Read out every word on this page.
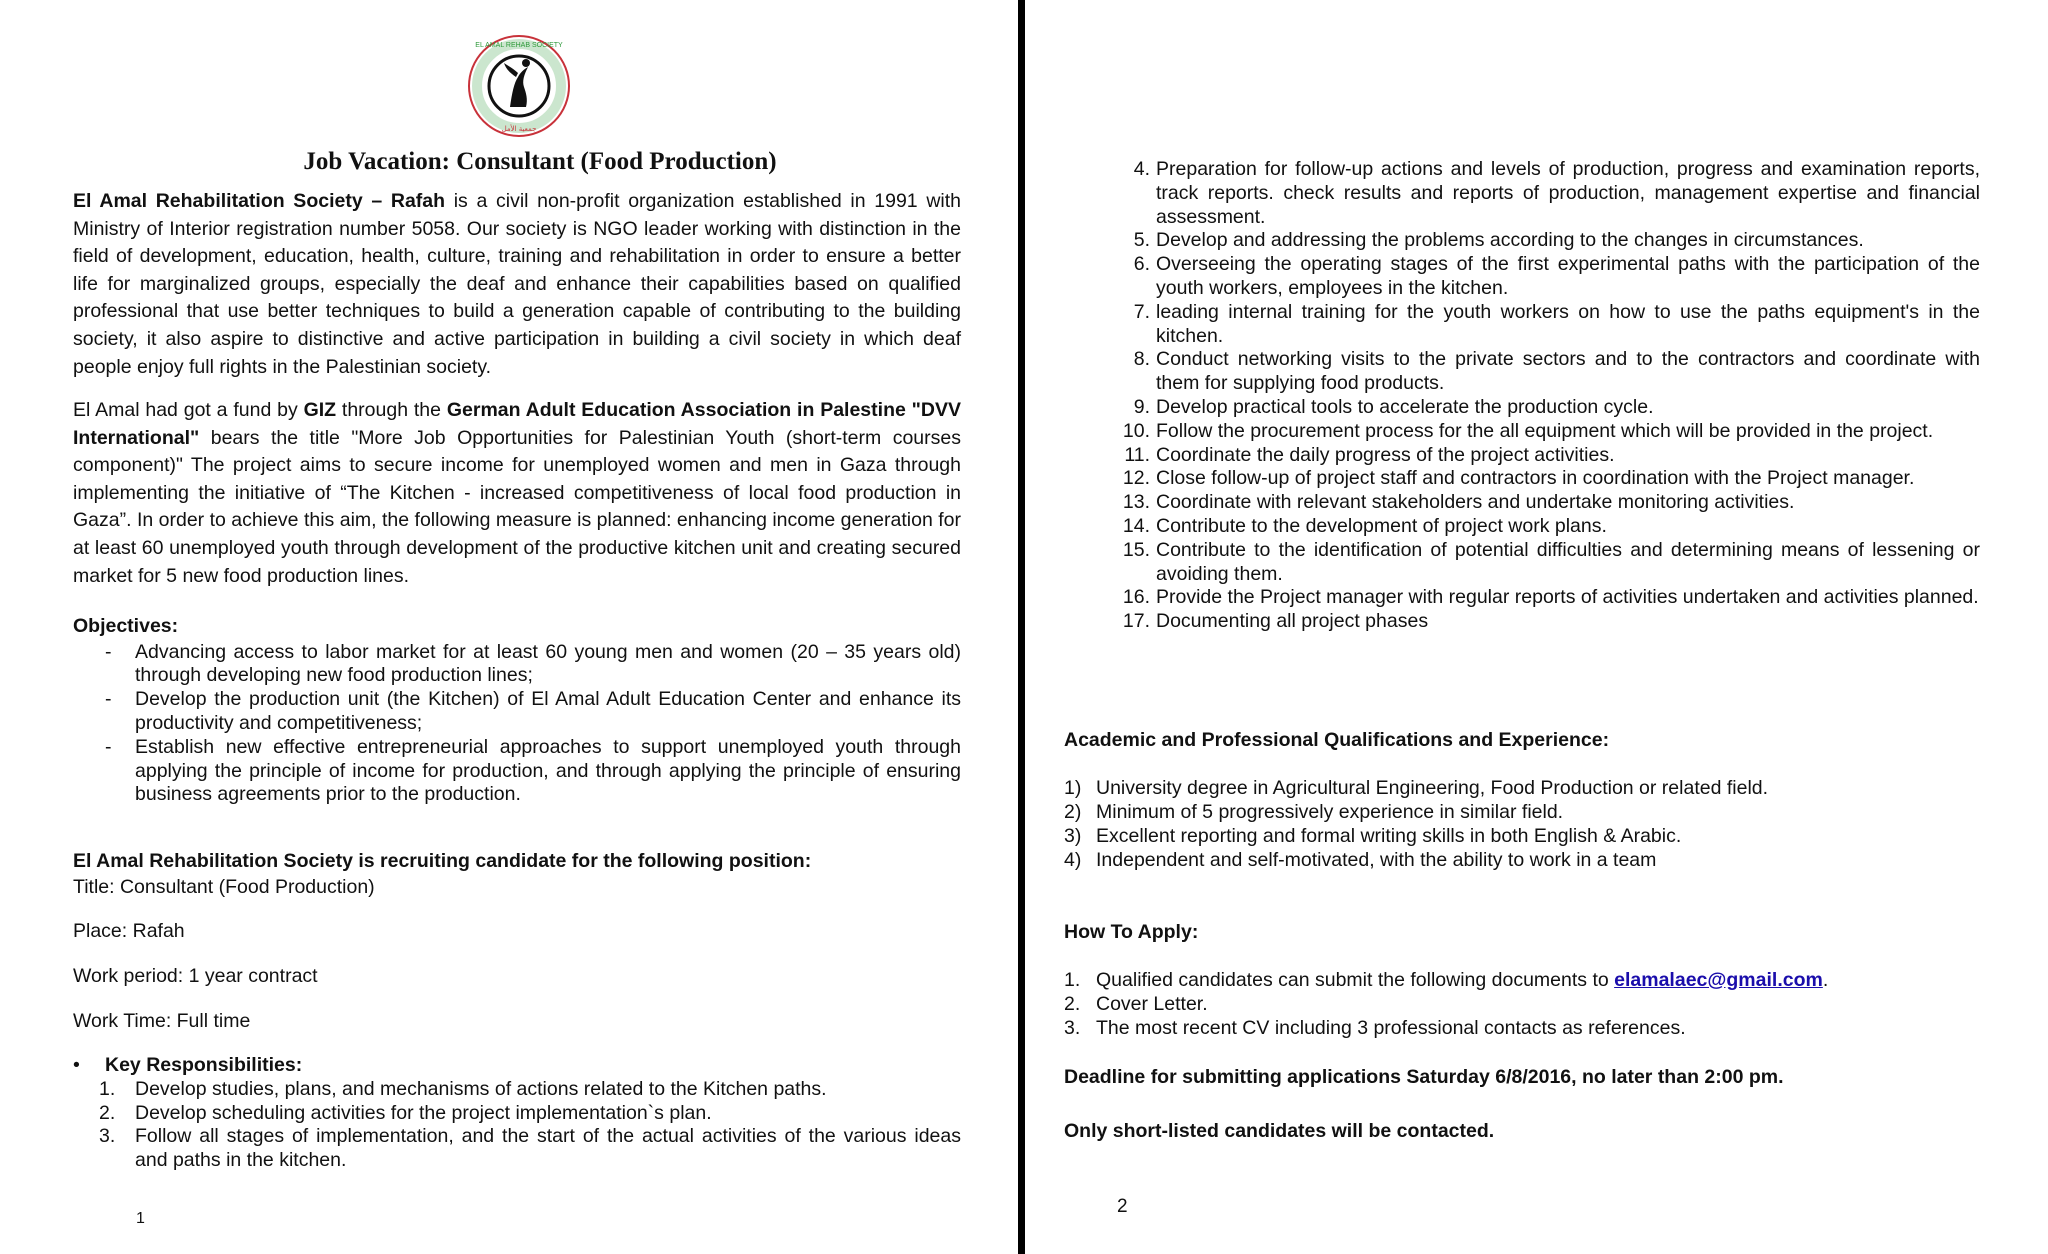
EL AMAL REHAB SOCIETY
جمعية الأمل
Job Vacation: Consultant (Food Production)

El Amal Rehabilitation Society – Rafah is a civil non-profit organization established in 1991 with Ministry of Interior registration number 5058. Our society is NGO leader working with distinction in the field of development, education, health, culture, training and rehabilitation in order to ensure a better life for marginalized groups, especially the deaf and enhance their capabilities based on qualified professional that use better techniques to build a generation capable of contributing to the building society, it also aspire to distinctive and active participation in building a civil society in which deaf people enjoy full rights in the Palestinian society.

El Amal had got a fund by GIZ through the German Adult Education Association in Palestine "DVV International" bears the title "More Job Opportunities for Palestinian Youth (short-term courses component)" The project aims to secure income for unemployed women and men in Gaza through implementing the initiative of “The Kitchen - increased competitiveness of local food production in Gaza”. In order to achieve this aim, the following measure is planned: enhancing income generation for at least 60 unemployed youth through development of the productive kitchen unit and creating secured market for 5 new food production lines.

Objectives:
- Advancing access to labor market for at least 60 young men and women (20 – 35 years old) through developing new food production lines;
- Develop the production unit (the Kitchen) of El Amal Adult Education Center and enhance its productivity and competitiveness;
- Establish new effective entrepreneurial approaches to support unemployed youth through applying the principle of income for production, and through applying the principle of ensuring business agreements prior to the production.
El Amal Rehabilitation Society is recruiting candidate for the following position:
Title: Consultant (Food Production)
Place: Rafah
Work period: 1 year contract
Work Time: Full time
• Key Responsibilities:
1. Develop studies, plans, and mechanisms of actions related to the Kitchen paths.
2. Develop scheduling activities for the project implementation`s plan.
3. Follow all stages of implementation, and the start of the actual activities of the various ideas and paths in the kitchen.
1
4. Preparation for follow-up actions and levels of production, progress and examination reports, track reports. check results and reports of production, management expertise and financial assessment.
5. Develop and addressing the problems according to the changes in circumstances.
6. Overseeing the operating stages of the first experimental paths with the participation of the youth workers, employees in the kitchen.
7. leading internal training for the youth workers on how to use the paths equipment's in the kitchen.
8. Conduct networking visits to the private sectors and to the contractors and coordinate with them for supplying food products.
9. Develop practical tools to accelerate the production cycle.
10. Follow the procurement process for the all equipment which will be provided in the project.
11. Coordinate the daily progress of the project activities.
12. Close follow-up of project staff and contractors in coordination with the Project manager.
13. Coordinate with relevant stakeholders and undertake monitoring activities.
14. Contribute to the development of project work plans.
15. Contribute to the identification of potential difficulties and determining means of lessening or avoiding them.
16. Provide the Project manager with regular reports of activities undertaken and activities planned.
17. Documenting all project phases
Academic and Professional Qualifications and Experience:
1) University degree in Agricultural Engineering, Food Production or related field.
2) Minimum of 5 progressively experience in similar field.
3) Excellent reporting and formal writing skills in both English & Arabic.
4) Independent and self-motivated, with the ability to work in a team
How To Apply:
1. Qualified candidates can submit the following documents to elamalaec@gmail.com.
2. Cover Letter.
3. The most recent CV including 3 professional contacts as references.
Deadline for submitting applications Saturday 6/8/2016, no later than 2:00 pm.
Only short-listed candidates will be contacted.
2
